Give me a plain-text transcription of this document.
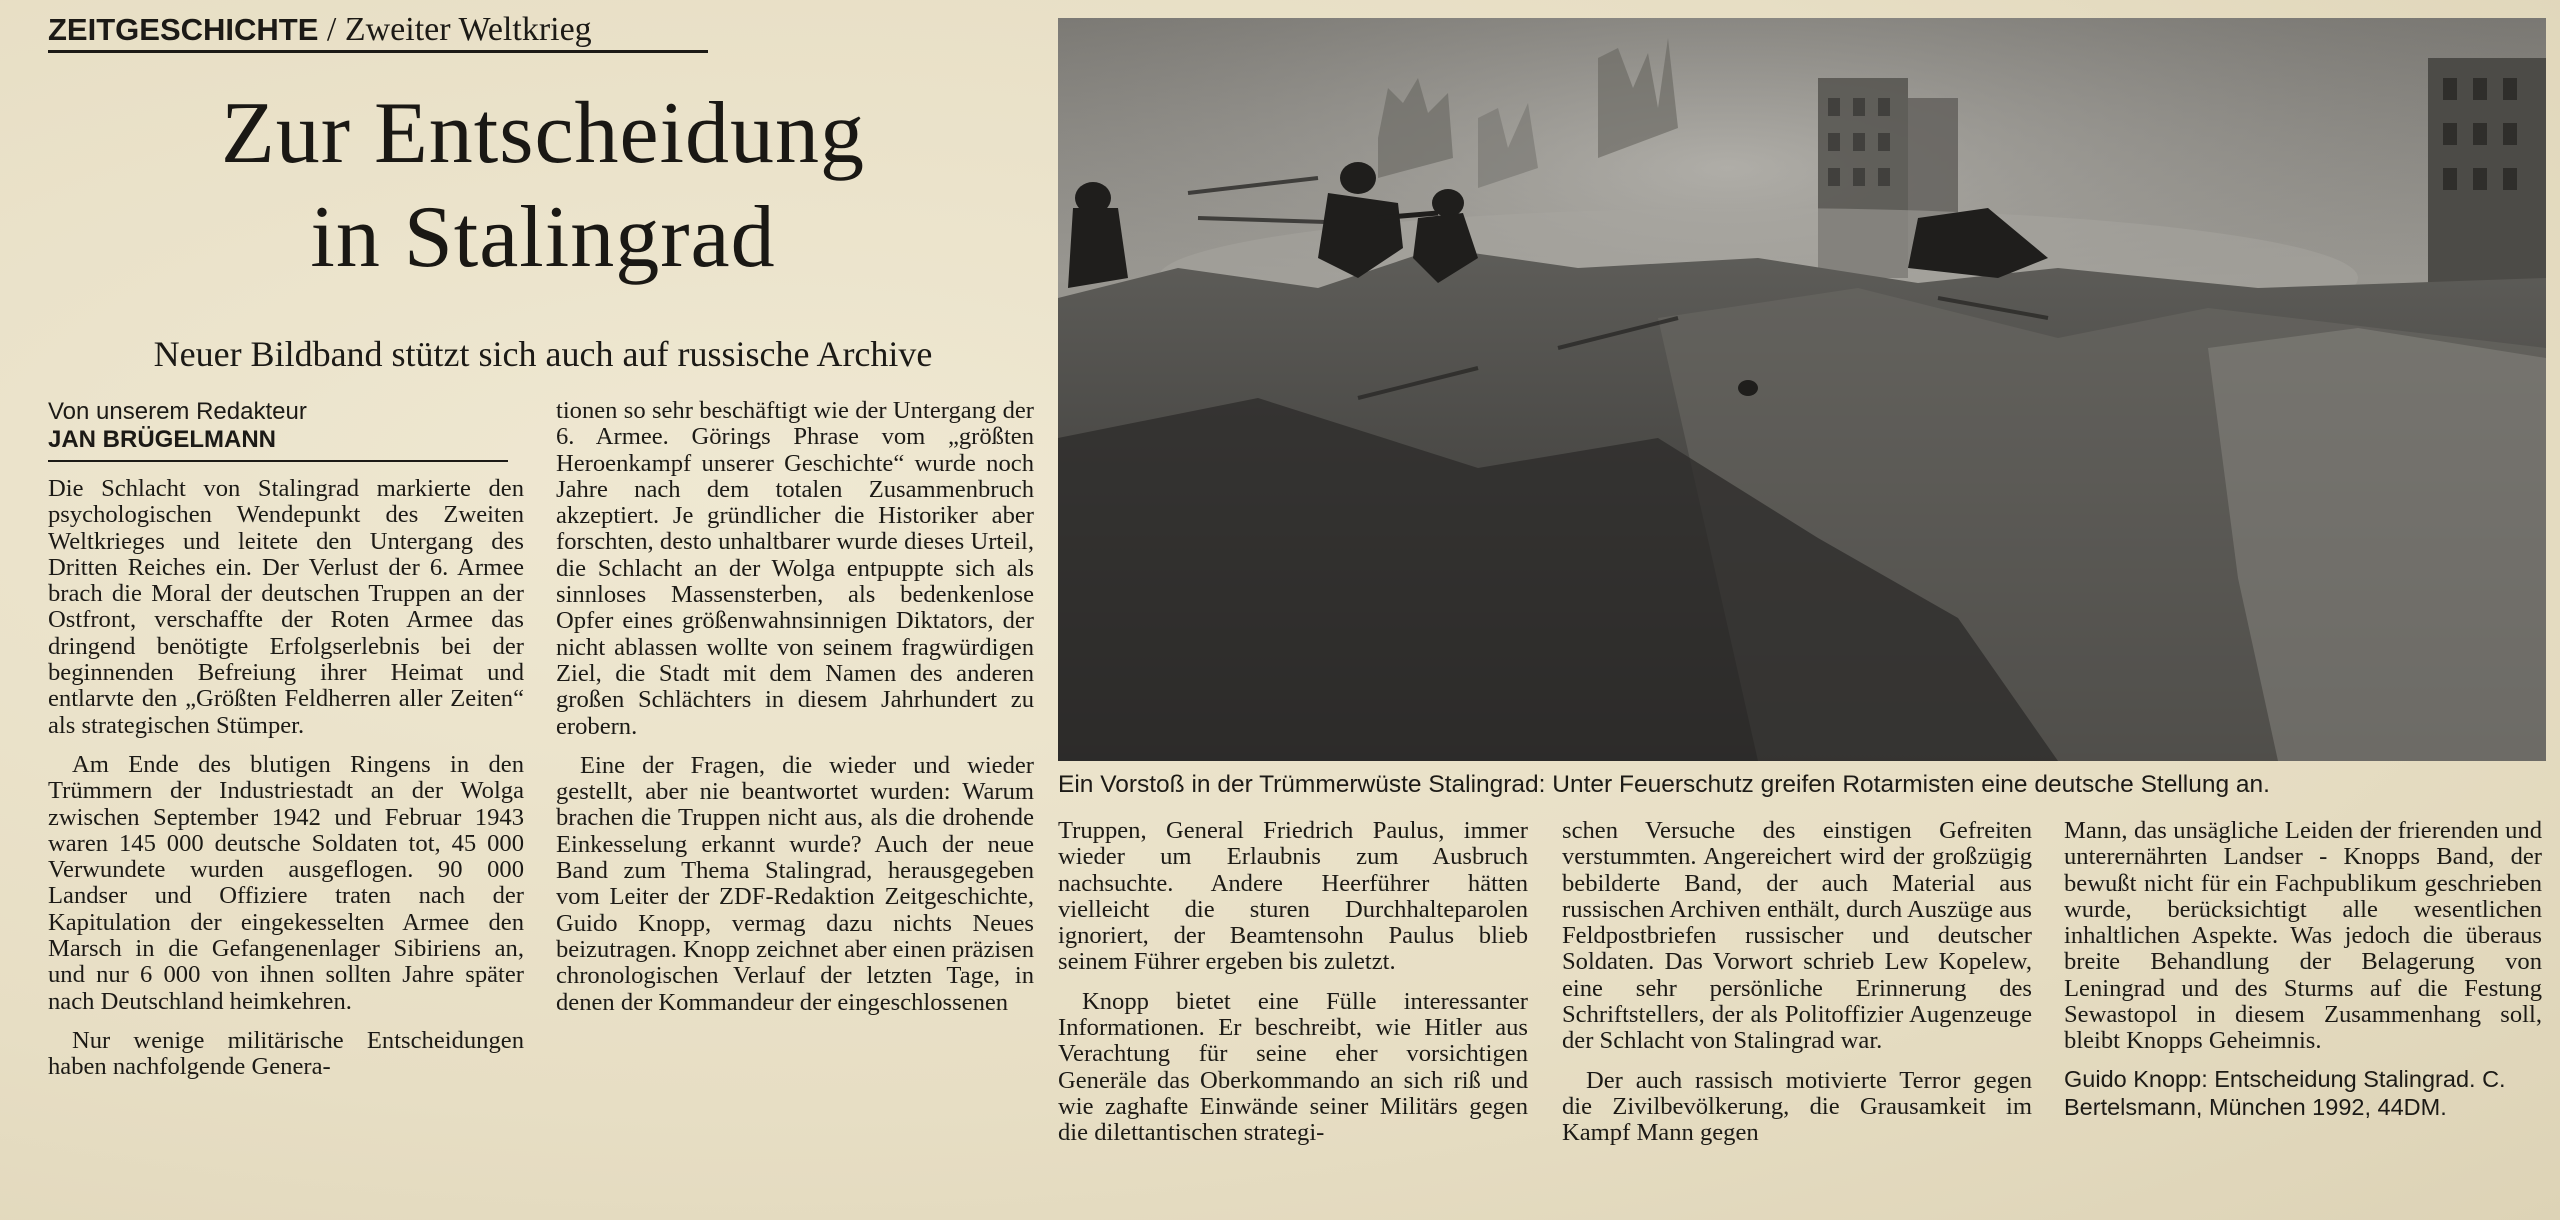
ZEITGESCHICHTE / Zweiter Weltkrieg
Zur Entscheidung
in Stalingrad
Neuer Bildband stützt sich auch auf russische Archive
Von unserem Redakteur
JAN BRÜGELMANN

Die Schlacht von Stalingrad markierte den psychologischen Wendepunkt des Zweiten Weltkrieges und leitete den Untergang des Dritten Reiches ein. Der Verlust der 6. Armee brach die Moral der deutschen Truppen an der Ostfront, verschaffte der Roten Armee das dringend benötigte Erfolgserlebnis bei der beginnenden Befreiung ihrer Heimat und entlarvte den „Größten Feldherren aller Zeiten“ als strategischen Stümper.

Am Ende des blutigen Ringens in den Trümmern der Industriestadt an der Wolga zwischen September 1942 und Februar 1943 waren 145 000 deutsche Soldaten tot, 45 000 Verwundete wurden ausgeflogen. 90 000 Landser und Offiziere traten nach der Kapitulation der eingekesselten Armee den Marsch in die Gefangenenlager Sibiriens an, und nur 6 000 von ihnen sollten Jahre später nach Deutschland heimkehren.

Nur wenige militärische Entscheidungen haben nachfolgende Genera-

tionen so sehr beschäftigt wie der Untergang der 6. Armee. Görings Phrase vom „größten Heroenkampf unserer Geschichte“ wurde noch Jahre nach dem totalen Zusammenbruch akzeptiert. Je gründlicher die Historiker aber forschten, desto unhaltbarer wurde dieses Urteil, die Schlacht an der Wolga entpuppte sich als sinnloses Massensterben, als bedenkenlose Opfer eines größenwahnsinnigen Diktators, der nicht ablassen wollte von seinem fragwürdigen Ziel, die Stadt mit dem Namen des anderen großen Schlächters in diesem Jahrhundert zu erobern.

Eine der Fragen, die wieder und wieder gestellt, aber nie beantwortet wurden: Warum brachen die Truppen nicht aus, als die drohende Einkesselung erkannt wurde? Auch der neue Band zum Thema Stalingrad, herausgegeben vom Leiter der ZDF-Redaktion Zeitgeschichte, Guido Knopp, vermag dazu nichts Neues beizutragen. Knopp zeichnet aber einen präzisen chronologischen Verlauf der letzten Tage, in denen der Kommandeur der eingeschlossenen

Ein Vorstoß in der Trümmerwüste Stalingrad: Unter Feuerschutz greifen Rotarmisten eine deutsche Stellung an.

Truppen, General Friedrich Paulus, immer wieder um Erlaubnis zum Ausbruch nachsuchte. Andere Heerführer hätten vielleicht die sturen Durchhalteparolen ignoriert, der Beamtensohn Paulus blieb seinem Führer ergeben bis zuletzt.

Knopp bietet eine Fülle interessanter Informationen. Er beschreibt, wie Hitler aus Verachtung für seine eher vorsichtigen Generäle das Oberkommando an sich riß und wie zaghafte Einwände seiner Militärs gegen die dilettantischen strategi-

schen Versuche des einstigen Gefreiten verstummten. Angereichert wird der großzügig bebilderte Band, der auch Material aus russischen Archiven enthält, durch Auszüge aus Feldpostbriefen russischer und deutscher Soldaten. Das Vorwort schrieb Lew Kopelew, eine sehr persönliche Erinnerung des Schriftstellers, der als Politoffizier Augenzeuge der Schlacht von Stalingrad war.

Der auch rassisch motivierte Terror gegen die Zivilbevölkerung, die Grausamkeit im Kampf Mann gegen

Mann, das unsägliche Leiden der frierenden und unterernährten Landser - Knopps Band, der bewußt nicht für ein Fachpublikum geschrieben wurde, berücksichtigt alle wesentlichen inhaltlichen Aspekte. Was jedoch die überaus breite Behandlung der Belagerung von Leningrad und des Sturms auf die Festung Sewastopol in diesem Zusammenhang soll, bleibt Knopps Geheimnis.

Guido Knopp: Entscheidung Stalingrad. C. Bertelsmann, München 1992, 44DM.
